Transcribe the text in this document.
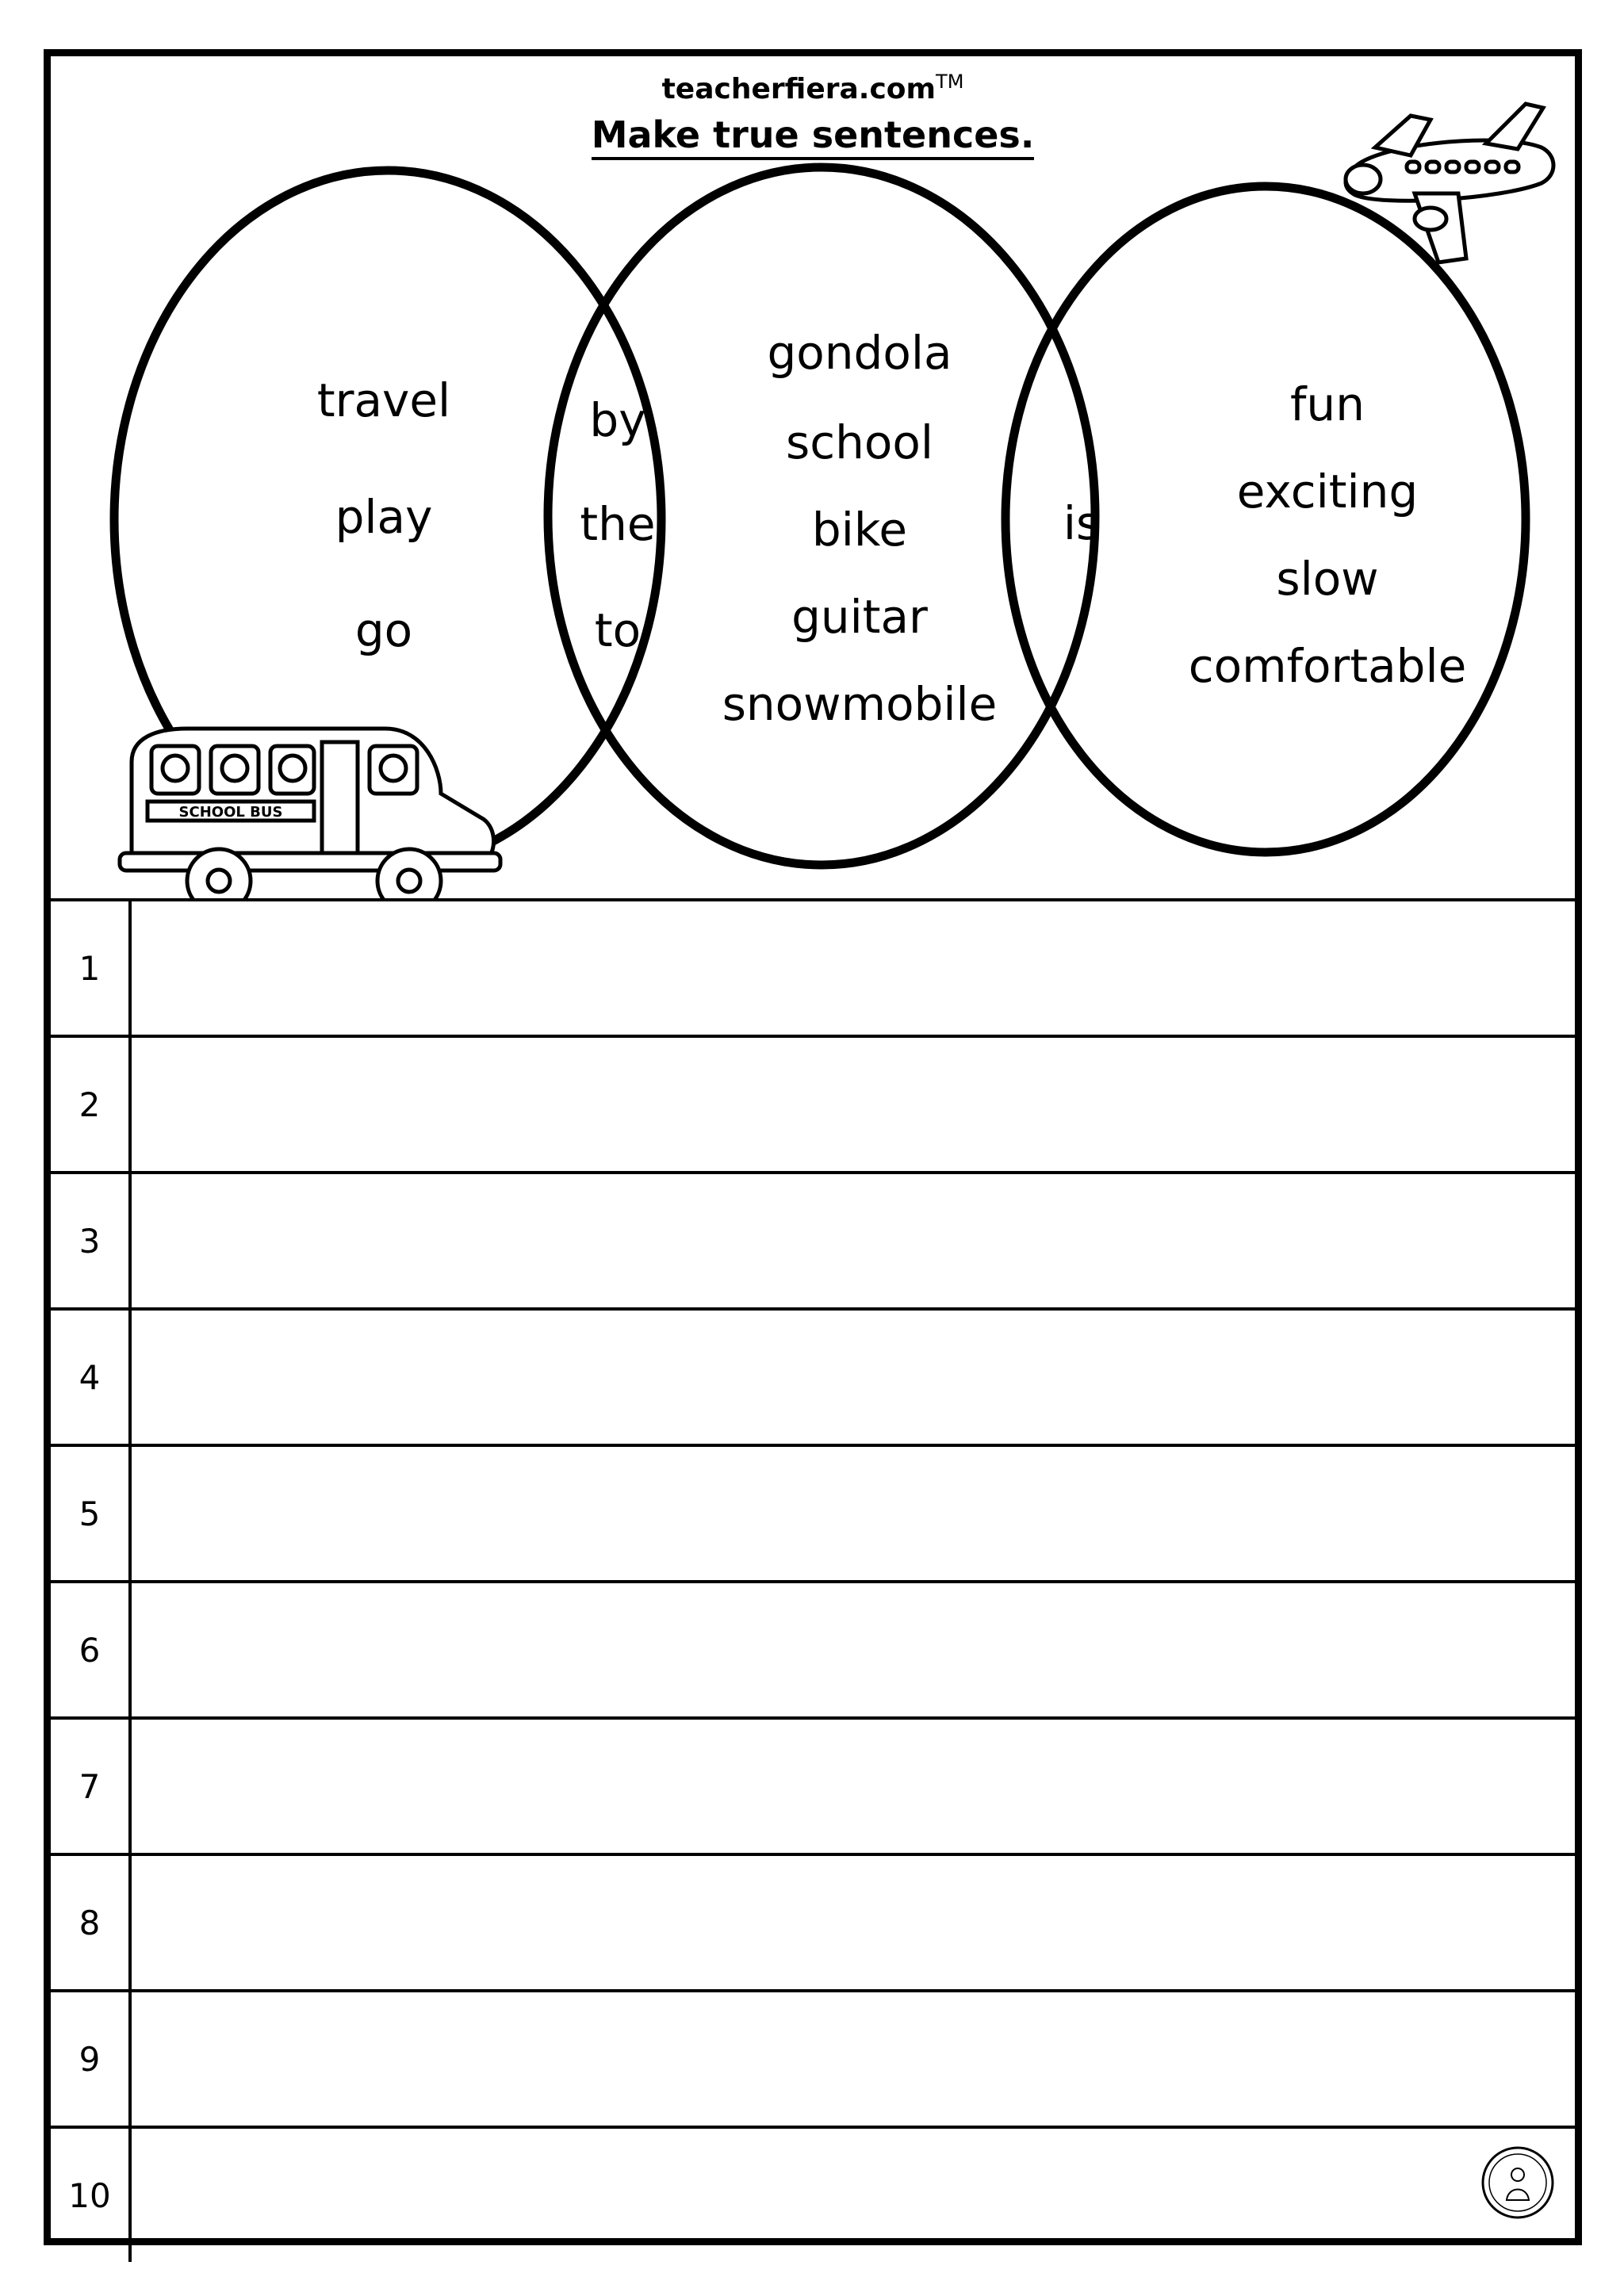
teacherfiera.com™
Make true sentences.
SCHOOL BUS
travel
play
go
by
the
to
gondola
school
bike
guitar
snowmobile
is
fun
exciting
slow
comfortable
1
2
3
4
5
6
7
8
9
10
